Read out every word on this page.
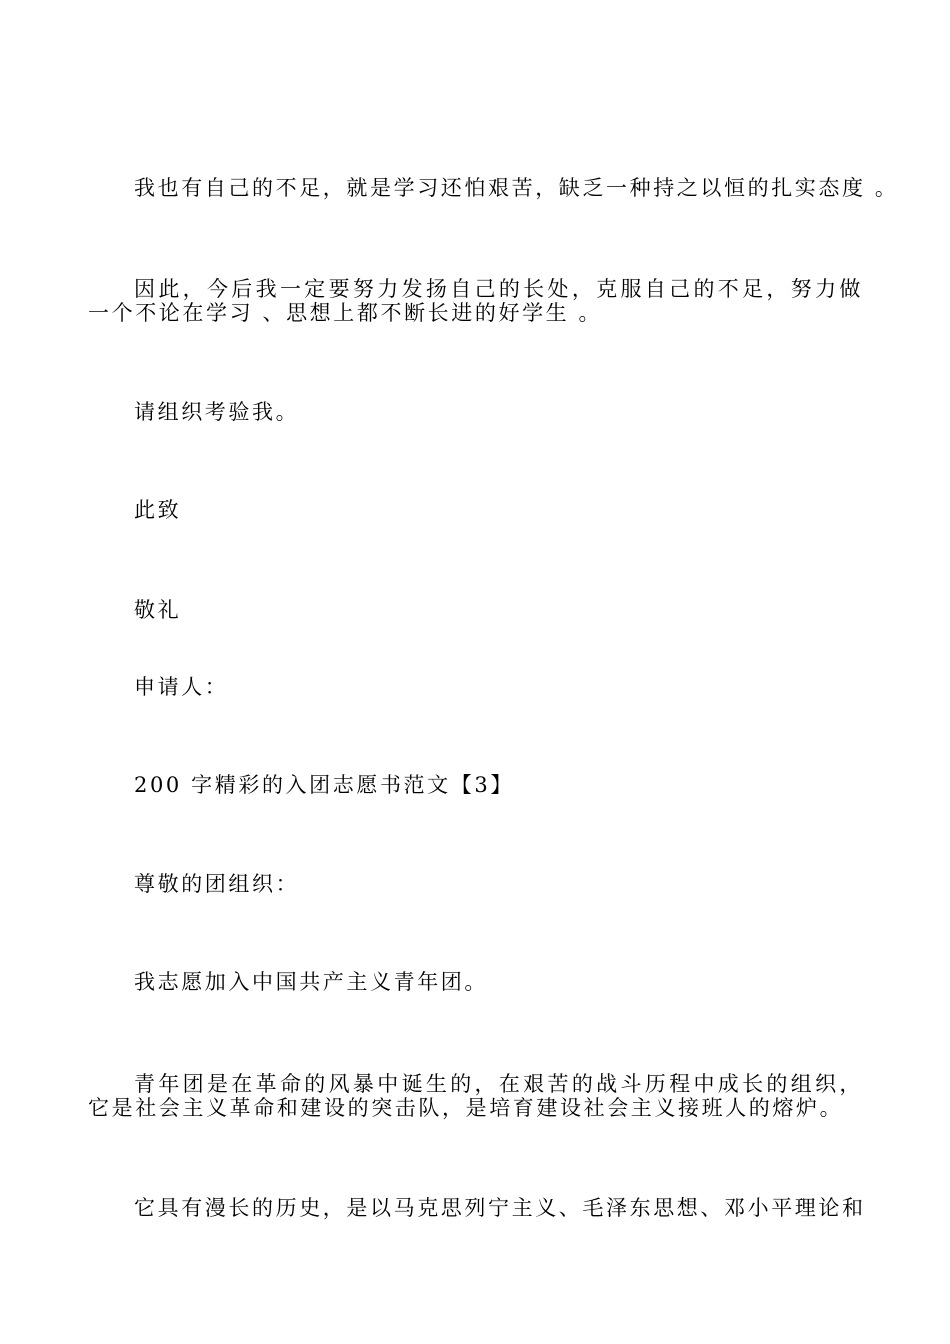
我也有自己的不足，就是学习还怕艰苦，缺乏一种持之以恒的扎实态度 。

因此，今后我一定要努力发扬自己的长处，克服自己的不足，努力做一个不论在学习 、思想上都不断长进的好学生 。

请组织考验我。

此致

敬礼

申请人：

200 字精彩的入团志愿书范文【3】

尊敬的团组织：

我志愿加入中国共产主义青年团。

青年团是在革命的风暴中诞生的，在艰苦的战斗历程中成长的组织，它是社会主义革命和建设的突击队，是培育建设社会主义接班人的熔炉。

它具有漫长的历史，是以马克思列宁主义、毛泽东思想、邓小平理论和
